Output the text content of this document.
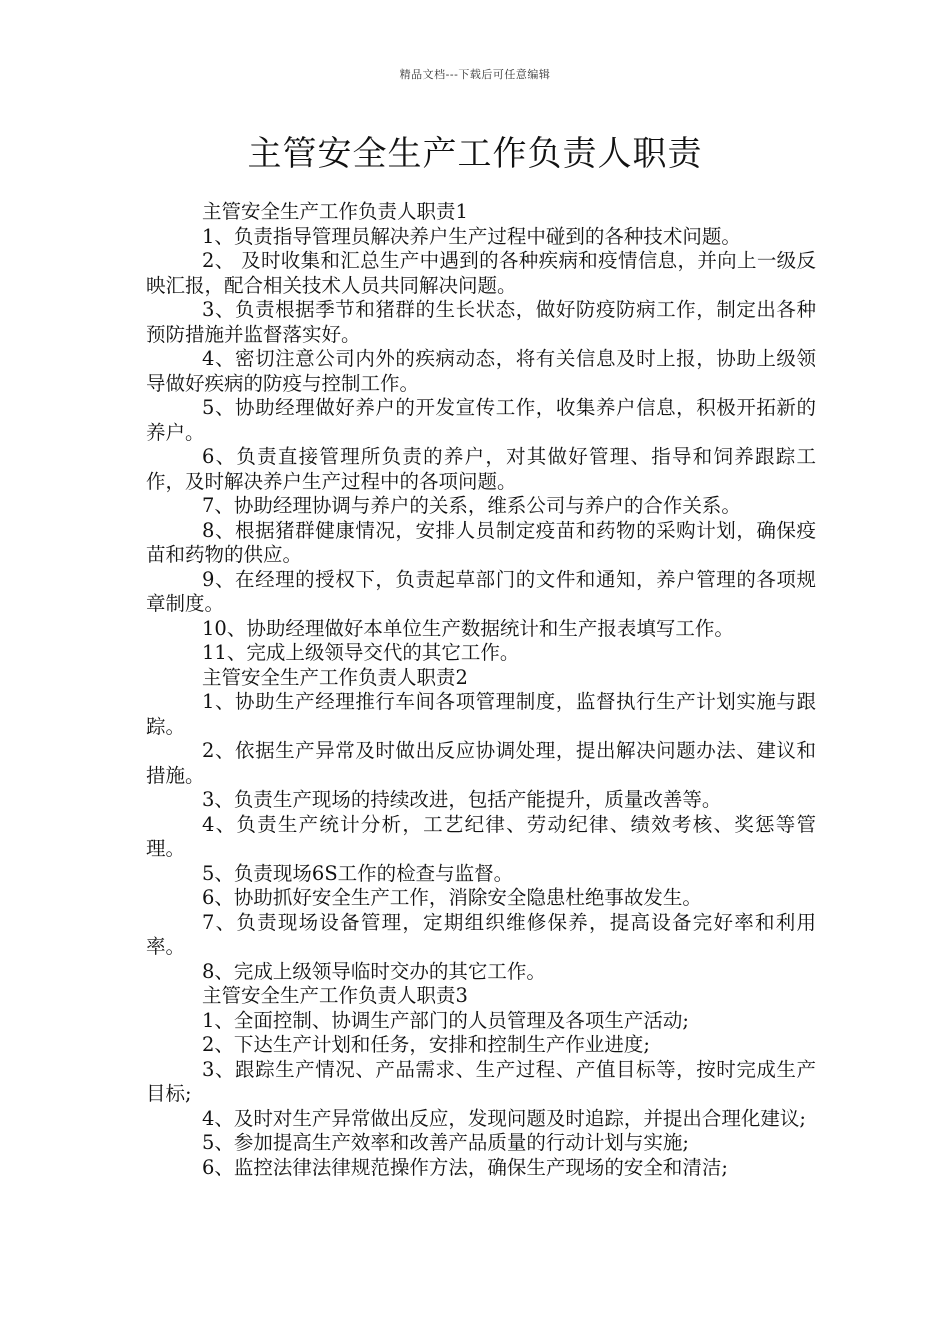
精品文档---下载后可任意编辑
主管安全生产工作负责人职责

主管安全生产工作负责人职责1

1、负责指导管理员解决养户生产过程中碰到的各种技术问题。

2、 及时收集和汇总生产中遇到的各种疾病和疫情信息，并向上一级反映汇报，配合相关技术人员共同解决问题。

3、负责根据季节和猪群的生长状态，做好防疫防病工作，制定出各种预防措施并监督落实好。

4、密切注意公司内外的疾病动态，将有关信息及时上报，协助上级领导做好疾病的防疫与控制工作。

5、协助经理做好养户的开发宣传工作，收集养户信息，积极开拓新的养户。

6、负责直接管理所负责的养户，对其做好管理、指导和饲养跟踪工作，及时解决养户生产过程中的各项问题。

7、协助经理协调与养户的关系，维系公司与养户的合作关系。

8、根据猪群健康情况，安排人员制定疫苗和药物的采购计划，确保疫苗和药物的供应。

9、在经理的授权下，负责起草部门的文件和通知，养户管理的各项规章制度。

10、协助经理做好本单位生产数据统计和生产报表填写工作。

11、完成上级领导交代的其它工作。

主管安全生产工作负责人职责2

1、协助生产经理推行车间各项管理制度，监督执行生产计划实施与跟踪。

2、依据生产异常及时做出反应协调处理，提出解决问题办法、建议和措施。

3、负责生产现场的持续改进，包括产能提升，质量改善等。

4、负责生产统计分析，工艺纪律、劳动纪律、绩效考核、奖惩等管理。

5、负责现场6S工作的检查与监督。

6、协助抓好安全生产工作，消除安全隐患杜绝事故发生。

7、负责现场设备管理，定期组织维修保养，提高设备完好率和利用率。

8、完成上级领导临时交办的其它工作。

主管安全生产工作负责人职责3

1、全面控制、协调生产部门的人员管理及各项生产活动;

2、下达生产计划和任务，安排和控制生产作业进度;

3、跟踪生产情况、产品需求、生产过程、产值目标等，按时完成生产目标;

4、及时对生产异常做出反应，发现问题及时追踪，并提出合理化建议;

5、参加提高生产效率和改善产品质量的行动计划与实施;

6、监控法律法律规范操作方法，确保生产现场的安全和清洁;
